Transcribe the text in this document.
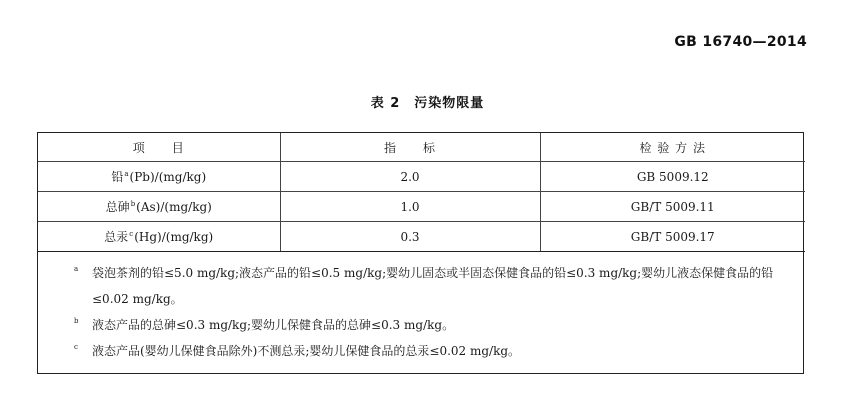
GB 16740—2014
表 2 污染物限量
项　　目	指　　标	检 验 方 法
铅$^a$(Pb)/(mg/kg)	2.0	GB 5009.12
总砷$^b$(As)/(mg/kg)	1.0	GB/T 5009.11
总汞$^c$(Hg)/(mg/kg)	0.3	GB/T 5009.17
a 袋泡茶剂的铅≤5.0 mg/kg;液态产品的铅≤0.5 mg/kg;婴幼儿固态或半固态保健食品的铅≤0.3 mg/kg;婴幼儿液态保健食品的铅≤0.02 mg/kg。
b 液态产品的总砷≤0.3 mg/kg;婴幼儿保健食品的总砷≤0.3 mg/kg。
c 液态产品(婴幼儿保健食品除外)不测总汞;婴幼儿保健食品的总汞≤0.02 mg/kg。
